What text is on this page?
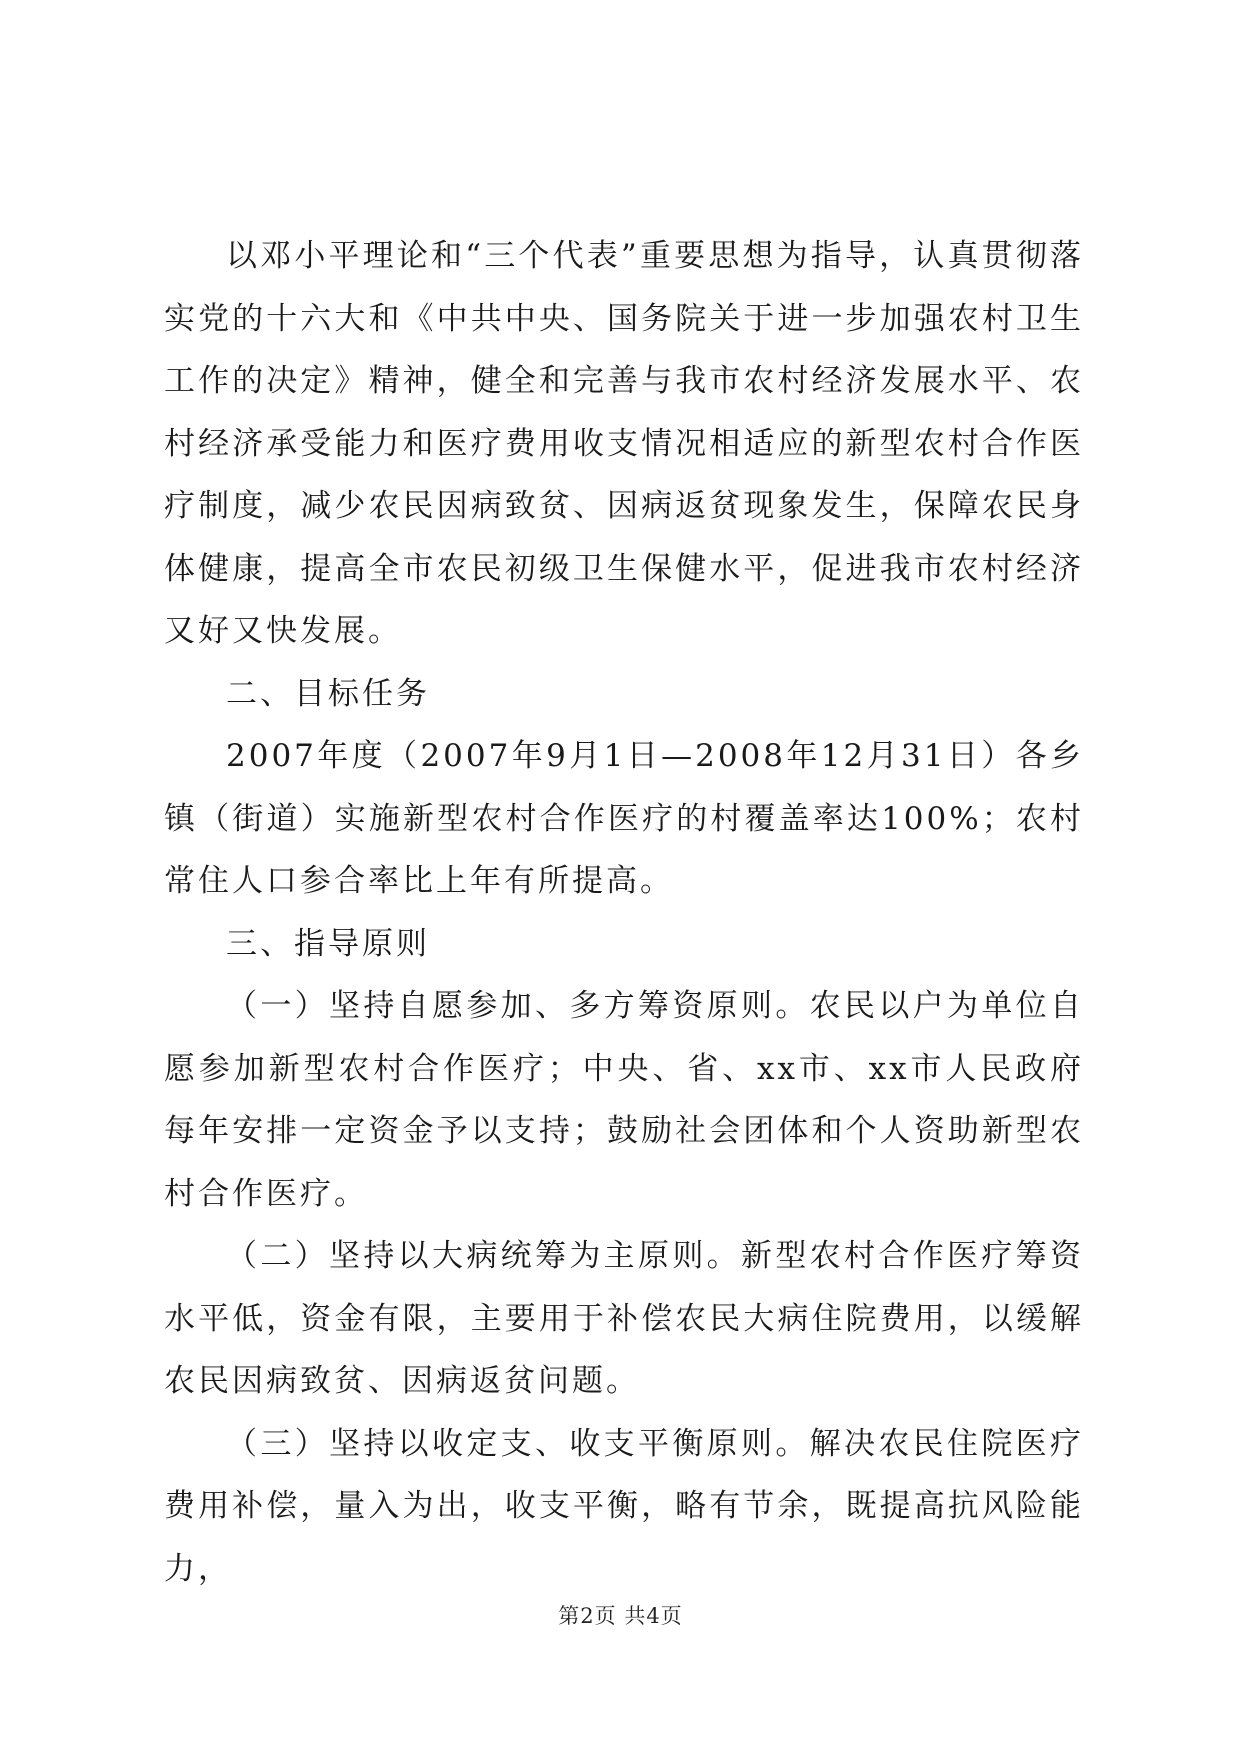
以邓小平理论和“三个代表”重要思想为指导，认真贯彻落实党的十六大和《中共中央、国务院关于进一步加强农村卫生工作的决定》精神，健全和完善与我市农村经济发展水平、农村经济承受能力和医疗费用收支情况相适应的新型农村合作医疗制度，减少农民因病致贫、因病返贫现象发生，保障农民身体健康，提高全市农民初级卫生保健水平，促进我市农村经济又好又快发展。

二、目标任务

2007年度（2007年9月1日—2008年12月31日）各乡镇（街道）实施新型农村合作医疗的村覆盖率达100%；农村常住人口参合率比上年有所提高。

三、指导原则

（一）坚持自愿参加、多方筹资原则。农民以户为单位自愿参加新型农村合作医疗；中央、省、xx市、xx市人民政府每年安排一定资金予以支持；鼓励社会团体和个人资助新型农村合作医疗。

（二）坚持以大病统筹为主原则。新型农村合作医疗筹资水平低，资金有限，主要用于补偿农民大病住院费用，以缓解农民因病致贫、因病返贫问题。

（三）坚持以收定支、收支平衡原则。解决农民住院医疗费用补偿，量入为出，收支平衡，略有节余，既提高抗风险能力，

第2页 共4页
